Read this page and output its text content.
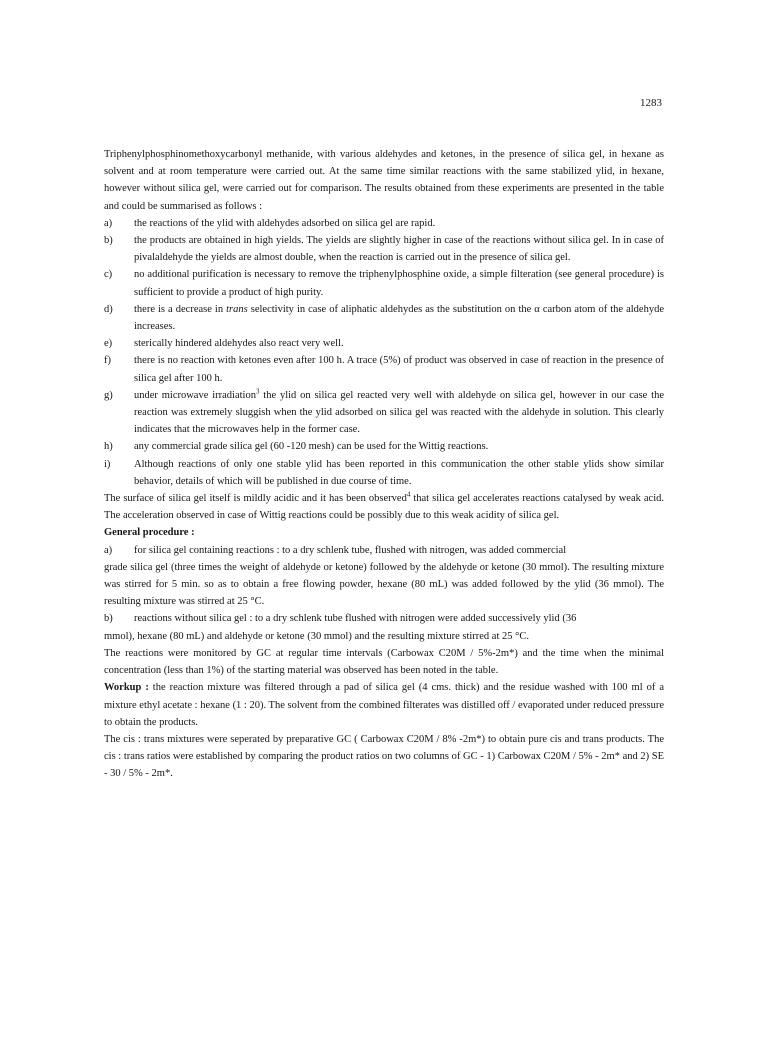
1283

Triphenylphosphinomethoxycarbonyl methanide, with various aldehydes and ketones, in the presence of silica gel, in hexane as solvent and at room temperature were carried out. At the same time similar reactions with the same stabilized ylid, in hexane, however without silica gel, were carried out for comparison. The results obtained from these experiments are presented in the table and could be summarised as follows :

a)	the reactions of the ylid with aldehydes adsorbed on silica gel are rapid.
b)	the products are obtained in high yields. The yields are slightly higher in case of the reactions without silica gel. In in case of pivalaldehyde the yields are almost double, when the reaction is carried out in the presence of silica gel.
c)	no additional purification is necessary to remove the triphenylphosphine oxide, a simple filteration (see general procedure) is sufficient to provide a product of high purity.
d)	there is a decrease in trans selectivity in case of aliphatic aldehydes as the substitution on the α carbon atom of the aldehyde increases.
e)	sterically hindered aldehydes also react very well.
f)	there is no reaction with ketones even after 100 h. A trace (5%) of product was observed in case of reaction in the presence of silica gel after 100 h.
g)	under microwave irradiation$^3$ the ylid on silica gel reacted very well with aldehyde on silica gel, however in our case the reaction was extremely sluggish when the ylid adsorbed on silica gel was reacted with the aldehyde in solution. This clearly indicates that the microwaves help in the former case.
h)	any commercial grade silica gel (60 -120 mesh) can be used for the Wittig reactions.
i)	Although reactions of only one stable ylid has been reported in this communication the other stable ylids show similar behavior, details of which will be published in due course of time.

The surface of silica gel itself is mildly acidic and it has been observed$^4$ that silica gel accelerates reactions catalysed by weak acid. The acceleration observed in case of Wittig reactions could be possibly due to this weak acidity of silica gel.

General procedure :

a)	for silica gel containing reactions : to a dry schlenk tube, flushed with nitrogen, was added commercial

grade silica gel (three times the weight of aldehyde or ketone) followed by the aldehyde or ketone (30 mmol). The resulting mixture was stirred for 5 min. so as to obtain a free flowing powder, hexane (80 mL) was added followed by the ylid (36 mmol). The resulting mixture was stirred at 25 °C.

b)	reactions without silica gel : to a dry schlenk tube flushed with nitrogen were added successively ylid (36

mmol), hexane (80 mL) and aldehyde or ketone (30 mmol) and the resulting mixture stirred at 25 °C.

The reactions were monitored by GC at regular time intervals (Carbowax C20M / 5%-2m*) and the time when the minimal concentration (less than 1%) of the starting material was observed has been noted in the table.

Workup : the reaction mixture was filtered through a pad of silica gel (4 cms. thick) and the residue washed with 100 ml of a mixture ethyl acetate : hexane (1 : 20). The solvent from the combined filterates was distilled off / evaporated under reduced pressure to obtain the products.

The cis : trans mixtures were seperated by preparative GC ( Carbowax C20M / 8% -2m*) to obtain pure cis and trans products. The cis : trans ratios were established by comparing the product ratios on two columns of GC - 1) Carbowax C20M / 5% - 2m* and 2) SE - 30 / 5% - 2m*.
